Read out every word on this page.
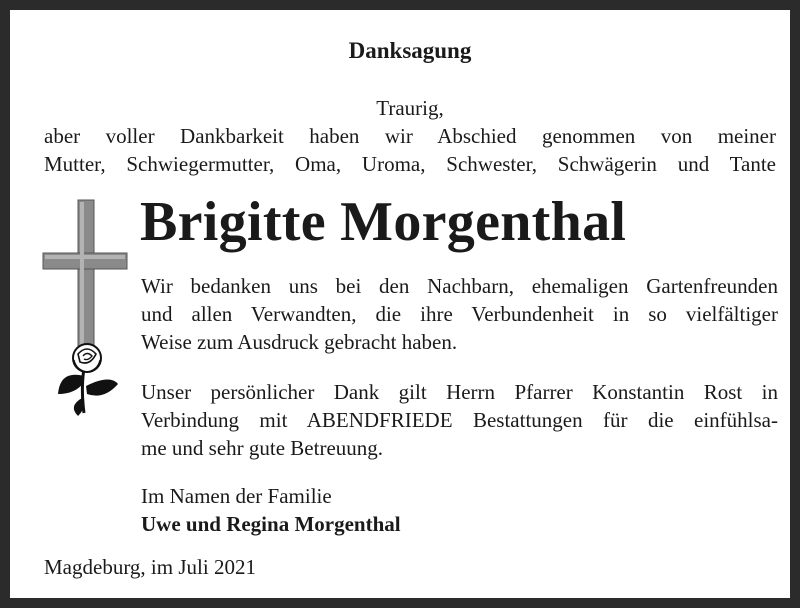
Danksagung
Traurig,
aber voller Dankbarkeit haben wir Abschied genommen von meiner
Mutter, Schwiegermutter, Oma, Uroma, Schwester, Schwägerin und Tante
Brigitte Morgenthal
Wir bedanken uns bei den Nachbarn, ehemaligen Gartenfreunden
und allen Verwandten, die ihre Verbundenheit in so vielfältiger
Weise zum Ausdruck gebracht haben.
Unser persönlicher Dank gilt Herrn Pfarrer Konstantin Rost in
Verbindung mit ABENDFRIEDE Bestattungen für die einfühlsa-
me und sehr gute Betreuung.
Im Namen der Familie
Uwe und Regina Morgenthal
Magdeburg, im Juli 2021
